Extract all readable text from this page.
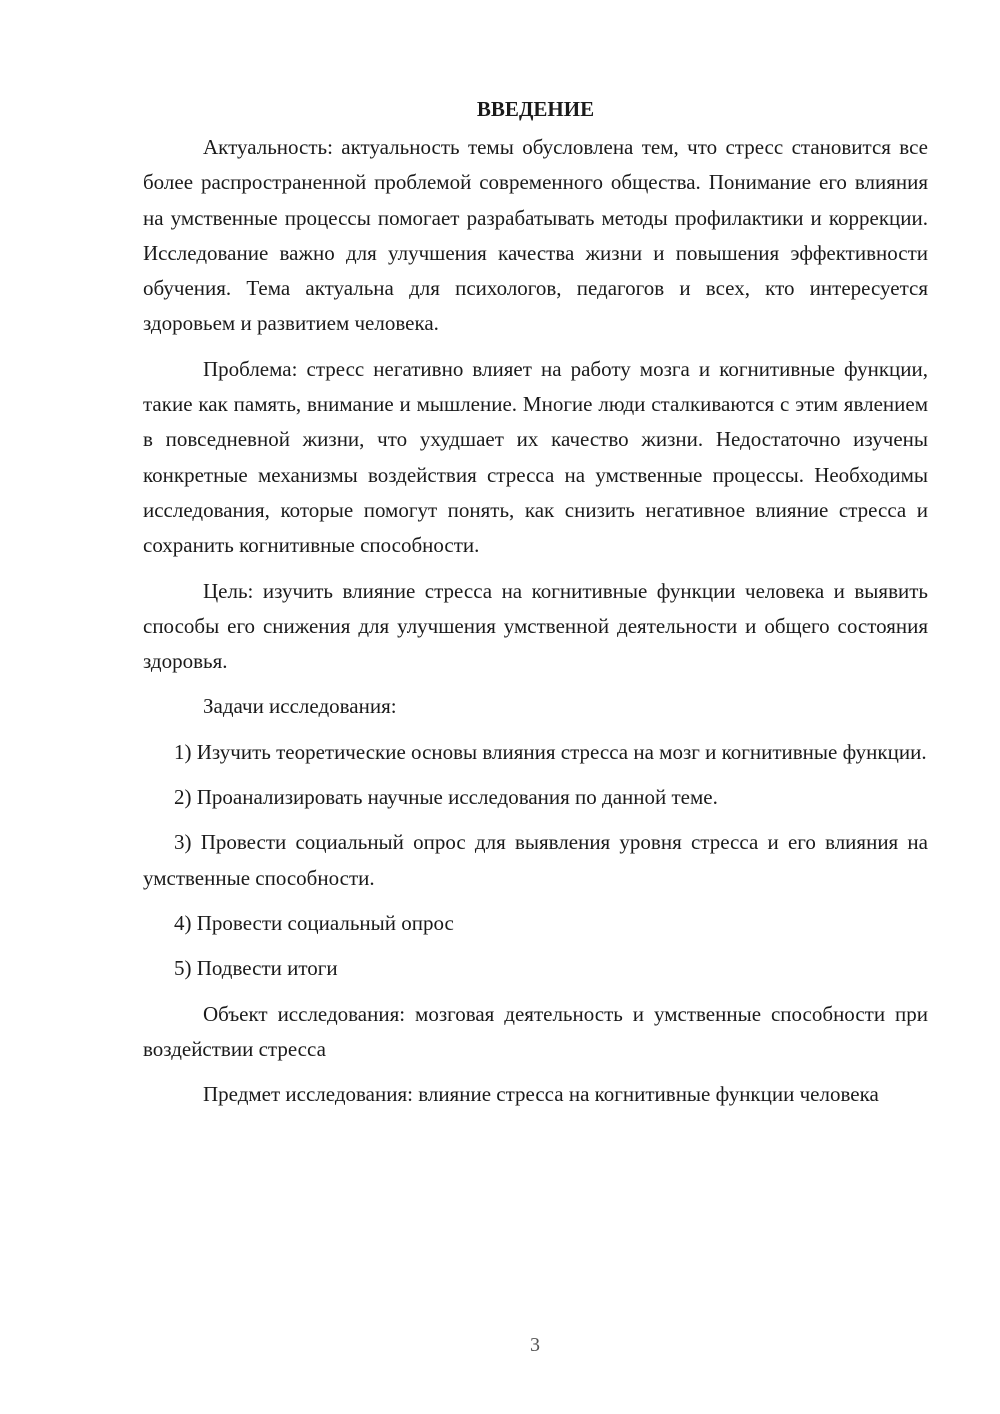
ВВЕДЕНИЕ

Актуальность: актуальность темы обусловлена тем, что стресс становится все более распространенной проблемой современного общества. Понимание его влияния на умственные процессы помогает разрабатывать методы профилактики и коррекции. Исследование важно для улучшения качества жизни и повышения эффективности обучения. Тема актуальна для психологов, педагогов и всех, кто интересуется здоровьем и развитием человека.

Проблема: стресс негативно влияет на работу мозга и когнитивные функции, такие как память, внимание и мышление. Многие люди сталкиваются с этим явлением в повседневной жизни, что ухудшает их качество жизни. Недостаточно изучены конкретные механизмы воздействия стресса на умственные процессы. Необходимы исследования, которые помогут понять, как снизить негативное влияние стресса и сохранить когнитивные способности.

Цель: изучить влияние стресса на когнитивные функции человека и выявить способы его снижения для улучшения умственной деятельности и общего состояния здоровья.

Задачи исследования:

1) Изучить теоретические основы влияния стресса на мозг и когнитивные функции.

2) Проанализировать научные исследования по данной теме.

3) Провести социальный опрос для выявления уровня стресса и его влияния на умственные способности.

4) Провести социальный опрос

5) Подвести итоги

Объект исследования: мозговая деятельность и умственные способности при воздействии стресса

Предмет исследования: влияние стресса на когнитивные функции человека

3
